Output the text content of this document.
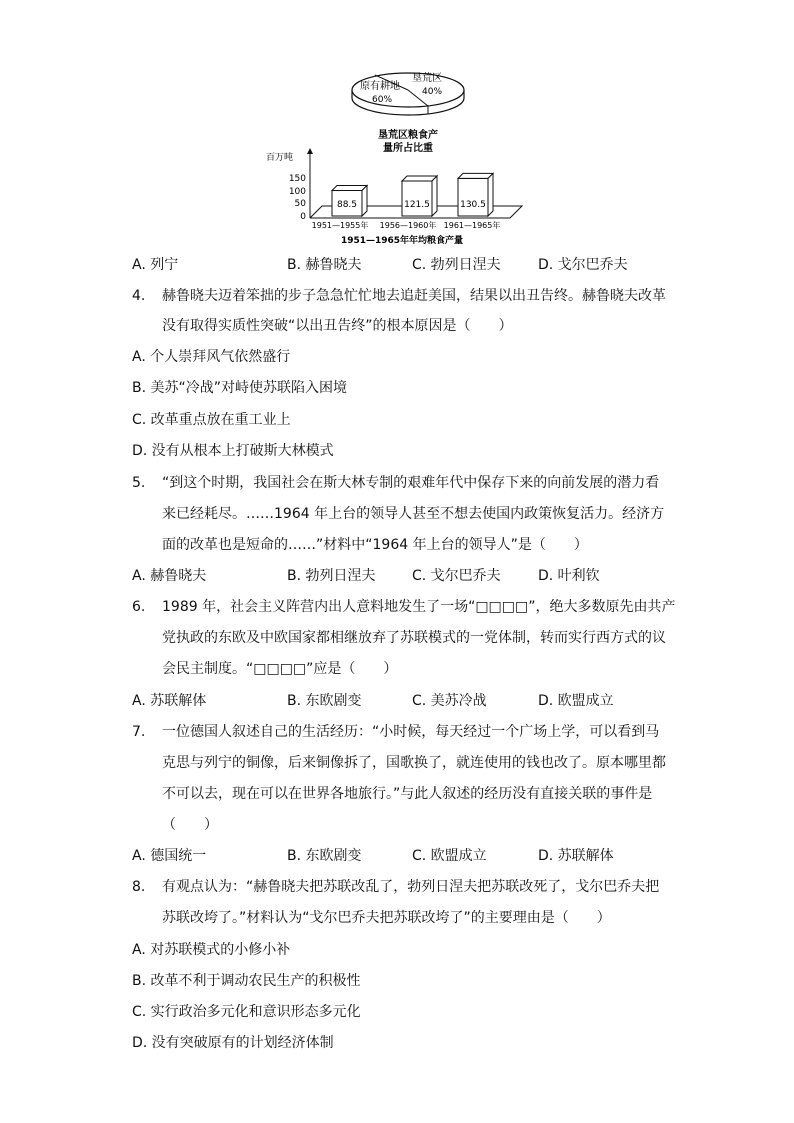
原有耕地
60%
垦荒区
40%
垦荒区粮食产
量所占比重
百万吨
150
100
50
0
88.5
1951—1955年
121.5
1956—1960年
130.5
1961—1965年
1951—1965年年均粮食产量
A. 列宁	B. 赫鲁晓夫	C. 勃列日涅夫	D. 戈尔巴乔夫
4. 赫鲁晓夫迈着笨拙的步子急急忙忙地去追赶美国，结果以出丑告终。赫鲁晓夫改革
没有取得实质性突破“以出丑告终”的根本原因是（　　）
A. 个人崇拜风气依然盛行
B. 美苏“冷战”对峙使苏联陷入困境
C. 改革重点放在重工业上
D. 没有从根本上打破斯大林模式
5. “到这个时期，我国社会在斯大林专制的艰难年代中保存下来的向前发展的潜力看
来已经耗尽。……1964 年上台的领导人甚至不想去使国内政策恢复活力。经济方
面的改革也是短命的……”材料中“1964 年上台的领导人”是（　　）
A. 赫鲁晓夫	B. 勃列日涅夫	C. 戈尔巴乔夫	D. 叶利钦
6. 1989 年，社会主义阵营内出人意料地发生了一场“□□□□”，绝大多数原先由共产
党执政的东欧及中欧国家都相继放弃了苏联模式的一党体制，转而实行西方式的议
会民主制度。“□□□□”应是（　　）
A. 苏联解体	B. 东欧剧变	C. 美苏冷战	D. 欧盟成立
7. 一位德国人叙述自己的生活经历：“小时候，每天经过一个广场上学，可以看到马
克思与列宁的铜像，后来铜像拆了，国歌换了，就连使用的钱也改了。原本哪里都
不可以去，现在可以在世界各地旅行。”与此人叙述的经历没有直接关联的事件是
（　　）
A. 德国统一	B. 东欧剧变	C. 欧盟成立	D. 苏联解体
8. 有观点认为：“赫鲁晓夫把苏联改乱了，勃列日涅夫把苏联改死了，戈尔巴乔夫把
苏联改垮了。”材料认为“戈尔巴乔夫把苏联改垮了”的主要理由是（　　）
A. 对苏联模式的小修小补
B. 改革不利于调动农民生产的积极性
C. 实行政治多元化和意识形态多元化
D. 没有突破原有的计划经济体制
